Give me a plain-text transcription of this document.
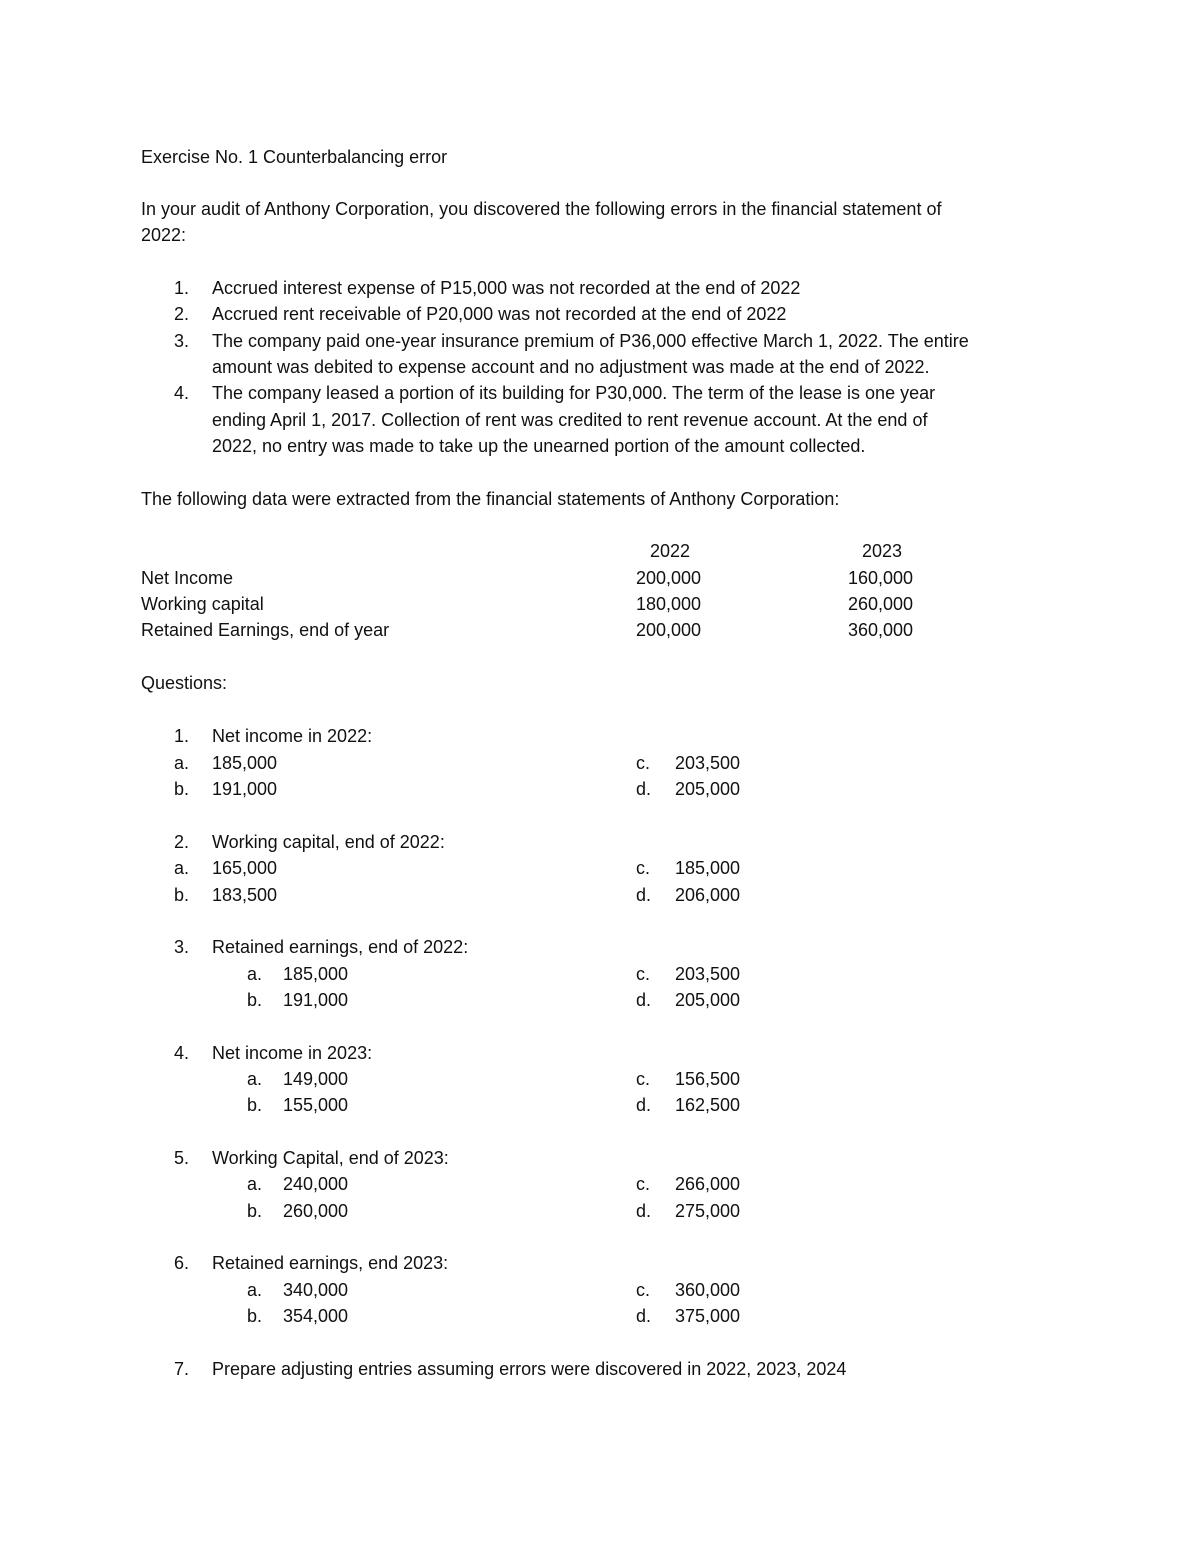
Exercise No. 1 Counterbalancing error
In your audit of Anthony Corporation, you discovered the following errors in the financial statement of
2022:
1. Accrued interest expense of P15,000 was not recorded at the end of 2022
2. Accrued rent receivable of P20,000 was not recorded at the end of 2022
3. The company paid one-year insurance premium of P36,000 effective March 1, 2022. The entire
amount was debited to expense account and no adjustment was made at the end of 2022.
4. The company leased a portion of its building for P30,000. The term of the lease is one year
ending April 1, 2017. Collection of rent was credited to rent revenue account. At the end of
2022, no entry was made to take up the unearned portion of the amount collected.
The following data were extracted from the financial statements of Anthony Corporation:
2022	2023
Net Income	200,000	160,000
Working capital	180,000	260,000
Retained Earnings, end of year	200,000	360,000
Questions:
1. Net income in 2022:
a. 185,000
b. 191,000
c. 203,500
d. 205,000
2. Working capital, end of 2022:
a. 165,000
b. 183,500
c. 185,000
d. 206,000
3. Retained earnings, end of 2022:
a. 185,000
b. 191,000
c. 203,500
d. 205,000
4. Net income in 2023:
a. 149,000
b. 155,000
c. 156,500
d. 162,500
5. Working Capital, end of 2023:
a. 240,000
b. 260,000
c. 266,000
d. 275,000
6. Retained earnings, end 2023:
a. 340,000
b. 354,000
c. 360,000
d. 375,000
7. Prepare adjusting entries assuming errors were discovered in 2022, 2023, 2024
